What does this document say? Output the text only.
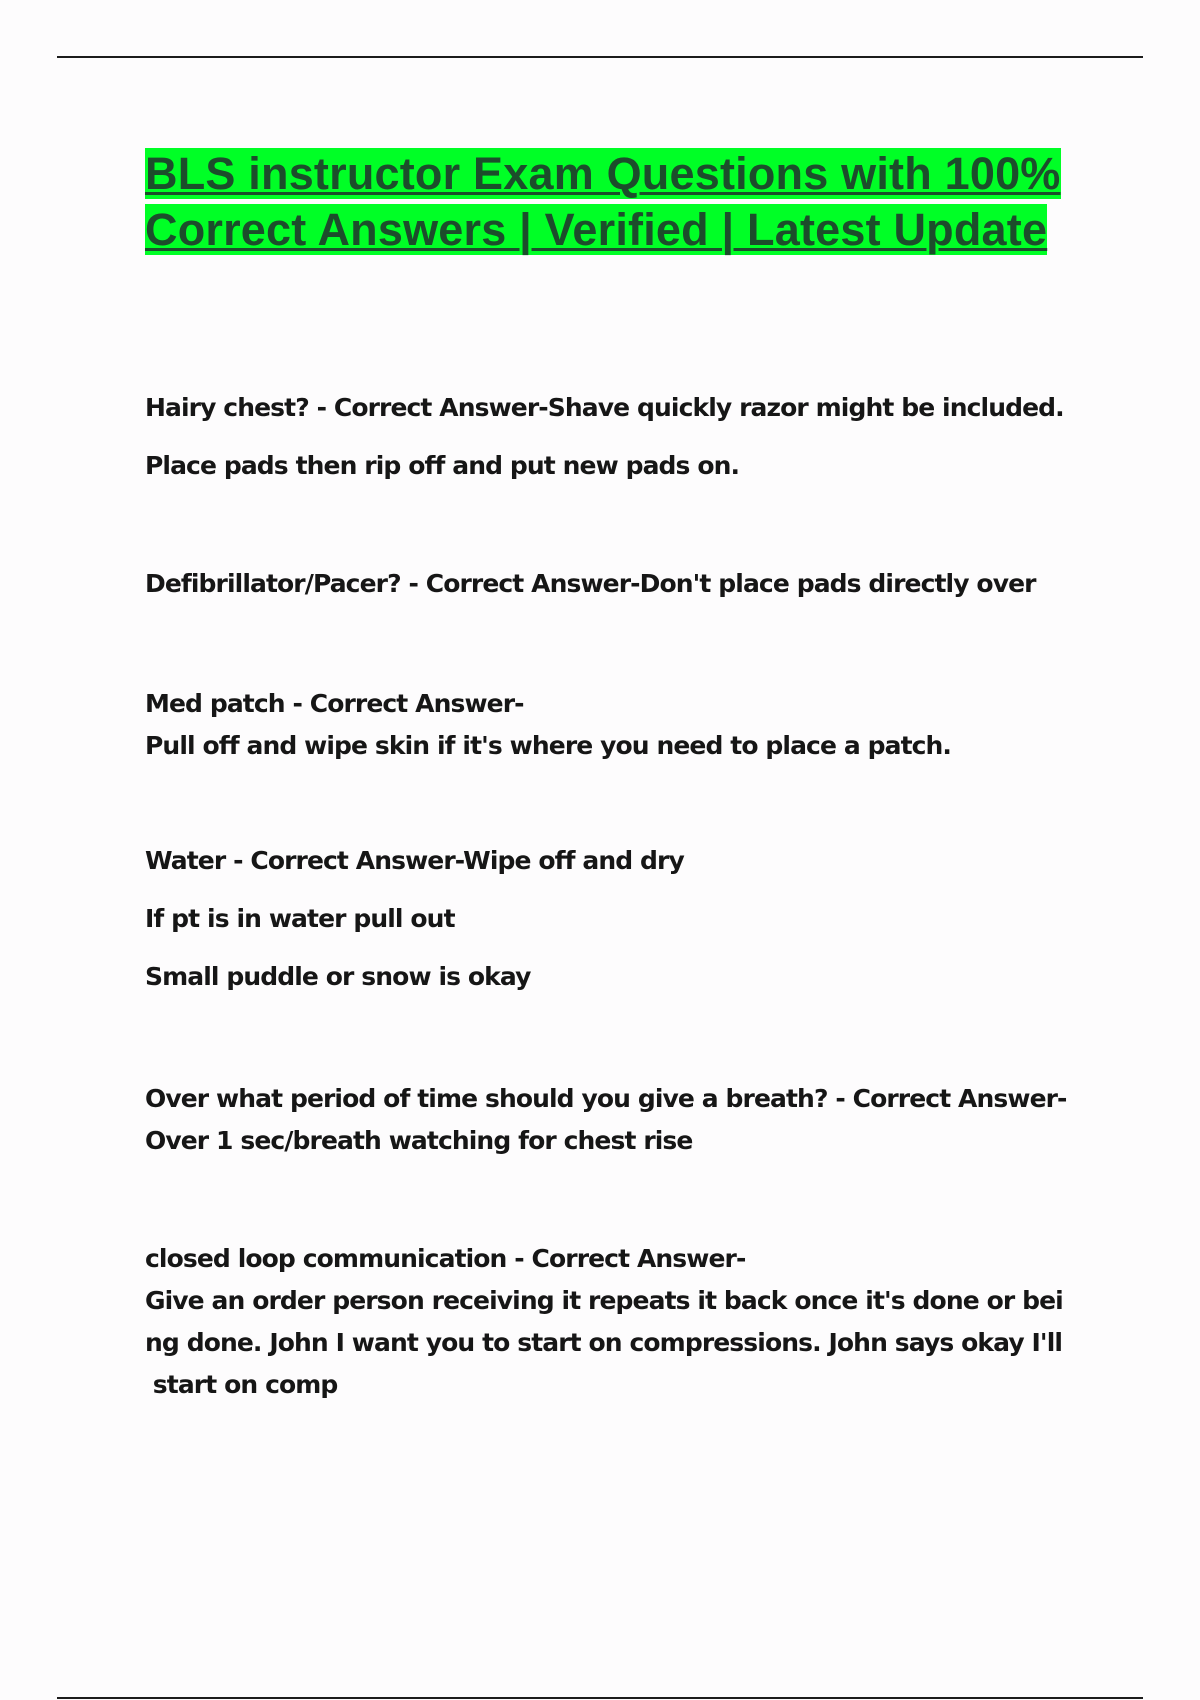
BLS instructor Exam Questions with 100% Correct Answers | Verified | Latest Update
Hairy chest? - Correct Answer-Shave quickly razor might be included.
Place pads then rip off and put new pads on.
Defibrillator/Pacer? - Correct Answer-Don't place pads directly over
Med patch - Correct Answer-
Pull off and wipe skin if it's where you need to place a patch.
Water - Correct Answer-Wipe off and dry
If pt is in water pull out
Small puddle or snow is okay
Over what period of time should you give a breath? - Correct Answer-
Over 1 sec/breath watching for chest rise
closed loop communication - Correct Answer-
Give an order person receiving it repeats it back once it's done or bei
ng done. John I want you to start on compressions. John says okay I'll
start on comp
